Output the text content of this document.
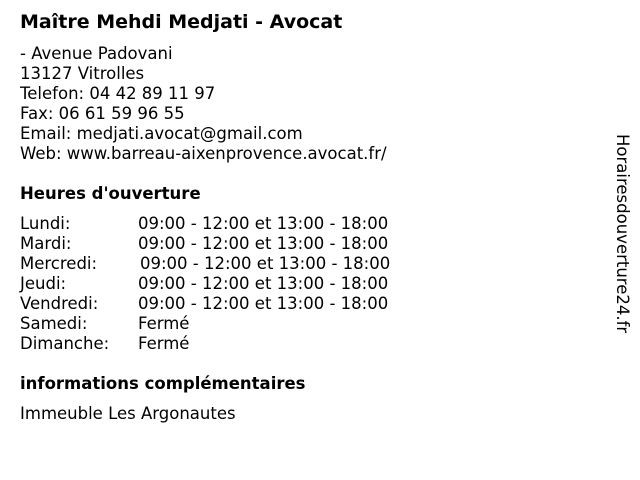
Maître Mehdi Medjati - Avocat
- Avenue Padovani
13127 Vitrolles
Telefon: 04 42 89 11 97
Fax: 06 61 59 96 55
Email: medjati.avocat@gmail.com
Web: www.barreau-aixenprovence.avocat.fr/
Heures d'ouverture
Lundi:	09:00 - 12:00 et 13:00 - 18:00
Mardi:	09:00 - 12:00 et 13:00 - 18:00
Mercredi:	09:00 - 12:00 et 13:00 - 18:00
Jeudi:	09:00 - 12:00 et 13:00 - 18:00
Vendredi: 09:00 - 12:00 et 13:00 - 18:00
Samedi:	Fermé
Dimanche: Fermé
informations complémentaires
Immeuble Les Argonautes
Horairesdouverture24.fr
